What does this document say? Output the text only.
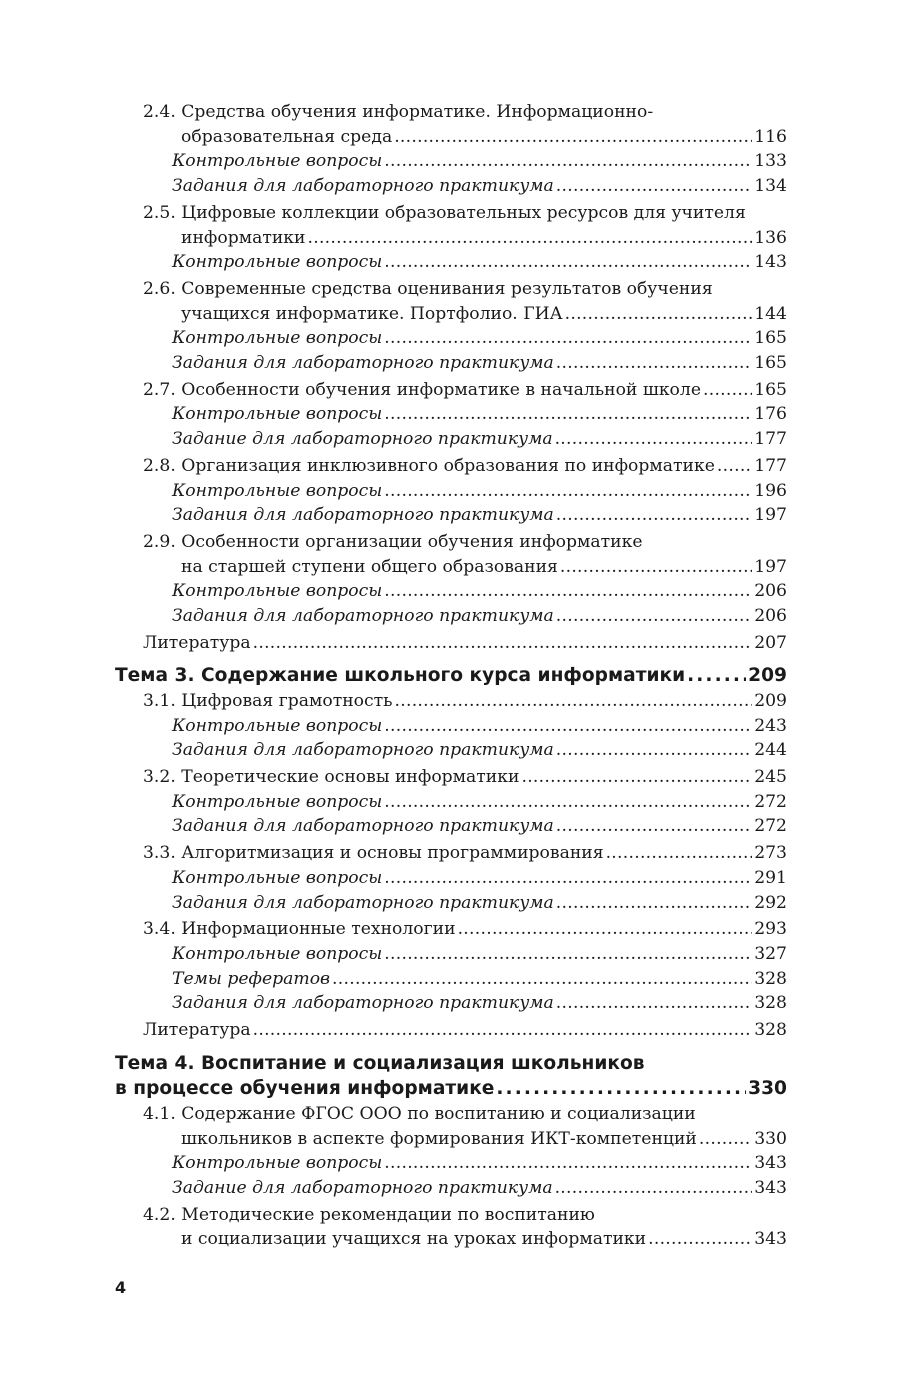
2.4. Средства обучения информатике. Информационно-
образовательная среда . . .	116
Контрольные вопросы . . .	133
Задания для лабораторного практикума . . .	134
2.5. Цифровые коллекции образовательных ресурсов для учителя
информатики . . .	136
Контрольные вопросы . . .	143
2.6. Современные средства оценивания результатов обучения
учащихся информатике. Портфолио. ГИА . . .	144
Контрольные вопросы . . .	165
Задания для лабораторного практикума . . .	165
2.7. Особенности обучения информатике в начальной школе . . .	165
Контрольные вопросы . . .	176
Задание для лабораторного практикума . . .	177
2.8. Организация инклюзивного образования по информатике . . . 177
Контрольные вопросы . . .	196
Задания для лабораторного практикума . . .	197
2.9. Особенности организации обучения информатике
на старшей ступени общего образования . . .	197
Контрольные вопросы . . .	206
Задания для лабораторного практикума . . .	206
Литература . . .	207
Тема 3. Содержание школьного курса информатики . . .	209
3.1. Цифровая грамотность . . .	209
Контрольные вопросы . . .	243
Задания для лабораторного практикума . . .	244
3.2. Теоретические основы информатики . . .	245
Контрольные вопросы . . .	272
Задания для лабораторного практикума . . .	272
3.3. Алгоритмизация и основы программирования . . .	273
Контрольные вопросы . . .	291
Задания для лабораторного практикума . . .	292
3.4. Информационные технологии . . .	293
Контрольные вопросы . . .	327
Темы рефератов . . .	328
Задания для лабораторного практикума . . .	328
Литература . . .	328
Тема 4. Воспитание и социализация школьников
в процессе обучения информатике . . .	330
4.1. Содержание ФГОС ООО по воспитанию и социализации
школьников в аспекте формирования ИКТ-компетенций . . .	330
Контрольные вопросы . . .	343
Задание для лабораторного практикума . . .	343
4.2. Методические рекомендации по воспитанию
и социализации учащихся на уроках информатики . . .	343
4
